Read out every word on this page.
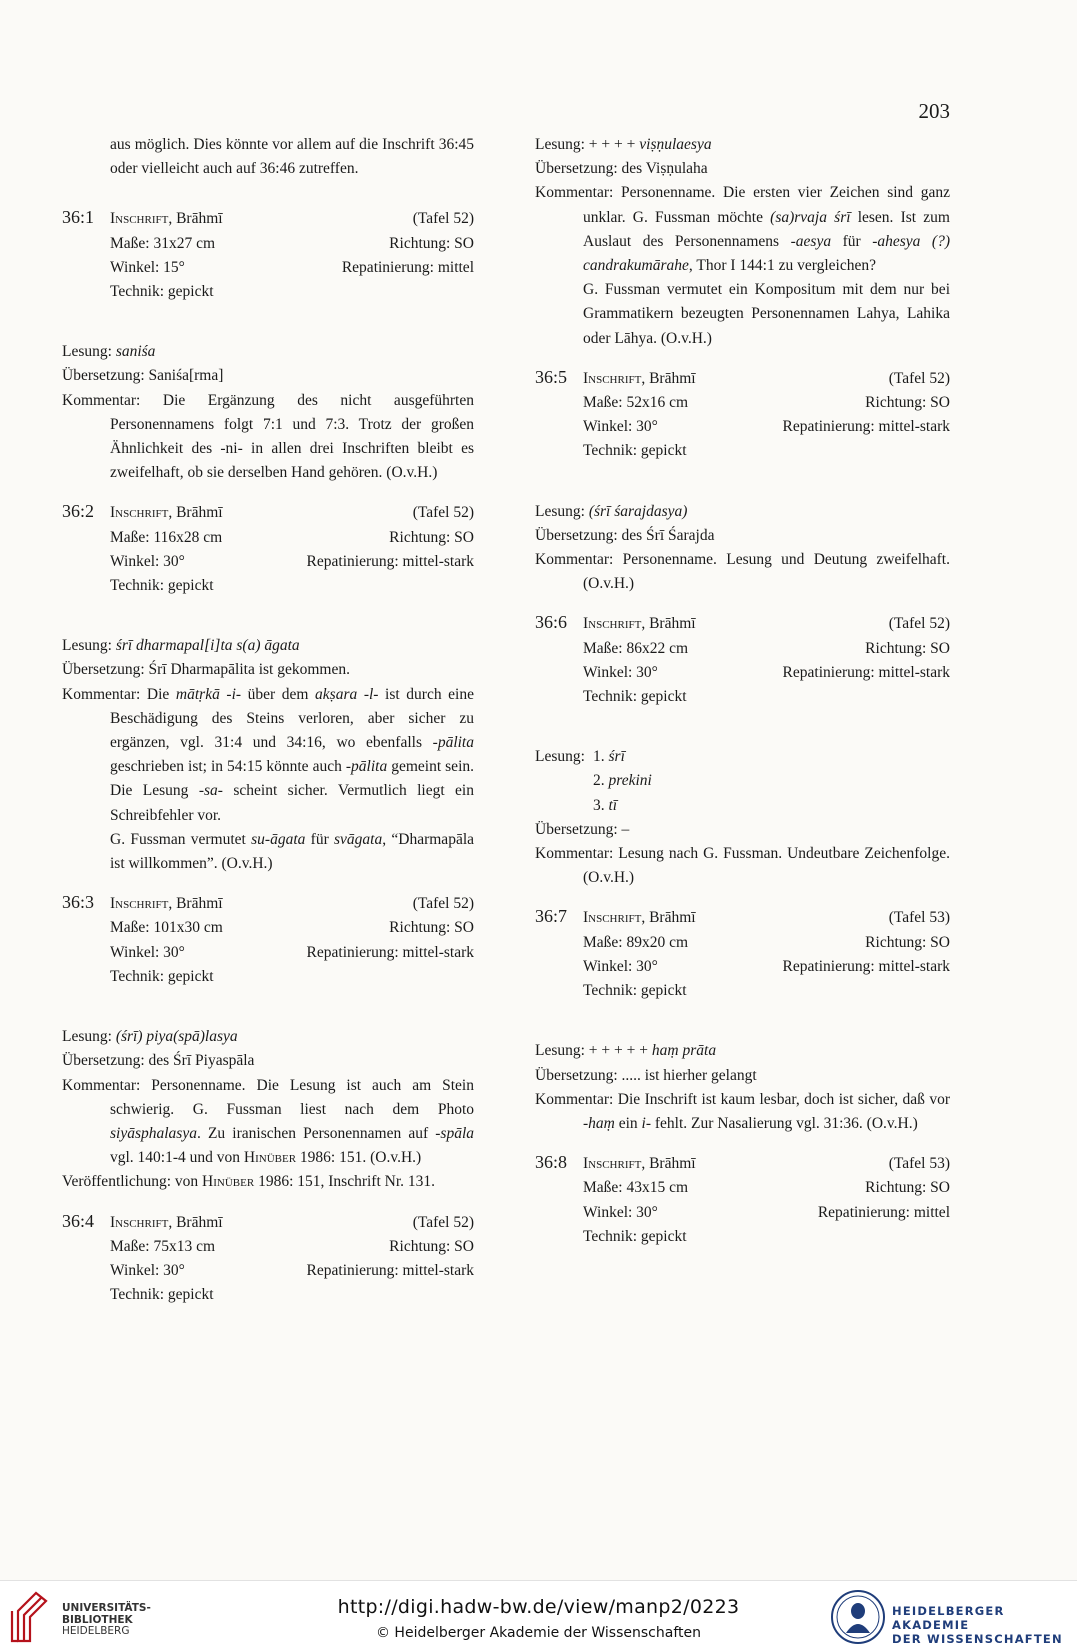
203

aus möglich. Dies könnte vor allem auf die Inschrift 36:45 oder vielleicht auch auf 36:46 zutreffen.

36:1	Inschrift , Brāhmī	(Tafel 52)

Maße: 31x27 cm	Richtung: SO

Winkel: 15°	Repatinierung: mittel

Technik: gepickt

Lesung: saniśa

Übersetzung: Saniśa[rma]

Kommentar: Die Ergänzung des nicht ausgeführten Personennamens folgt 7:1 und 7:3. Trotz der großen Ähnlichkeit des -ni- in allen drei Inschriften bleibt es zweifelhaft, ob sie derselben Hand gehören. (O.v.H.)

36:2	Inschrift , Brāhmī	(Tafel 52)

Maße: 116x28 cm	Richtung: SO

Winkel: 30°	Repatinierung: mittel-stark

Technik: gepickt

Lesung: śrī dharmapal[i]ta s(a) āgata

Übersetzung: Śrī Dharmapālita ist gekommen.

Kommentar: Die mātṛkā -i- über dem akṣara -l- ist durch eine Beschädigung des Steins verloren, aber sicher zu ergänzen, vgl. 31:4 und 34:16, wo ebenfalls -pālita geschrieben ist; in 54:15 könnte auch -pālita gemeint sein. Die Lesung -sa- scheint sicher. Vermutlich liegt ein Schreibfehler vor.

G. Fussman vermutet su-āgata für svāgata, “Dharmapāla ist willkommen”. (O.v.H.)

36:3	Inschrift , Brāhmī	(Tafel 52)

Maße: 101x30 cm	Richtung: SO

Winkel: 30°	Repatinierung: mittel-stark

Technik: gepickt

Lesung: (śrī) piya(spā)lasya

Übersetzung: des Śrī Piyaspāla

Kommentar: Personenname. Die Lesung ist auch am Stein schwierig. G. Fussman liest nach dem Photo siyāsphalasya. Zu iranischen Personennamen auf -spāla vgl. 140:1-4 und von Hinüber 1986: 151. (O.v.H.)

Veröffentlichung: von Hinüber 1986: 151, Inschrift Nr. 131.

36:4	Inschrift , Brāhmī	(Tafel 52)

Maße: 75x13 cm	Richtung: SO

Winkel: 30°	Repatinierung: mittel-stark

Technik: gepickt

Lesung: + + + + viṣṇulaesya

Übersetzung: des Viṣṇulaha

Kommentar: Personenname. Die ersten vier Zeichen sind ganz unklar. G. Fussman möchte (sa)rvaja śrī lesen. Ist zum Auslaut des Personennamens -aesya für -ahesya (?) candrakumārahe, Thor I 144:1 zu vergleichen?

G. Fussman vermutet ein Kompositum mit dem nur bei Grammatikern bezeugten Personennamen Lahya, Lahika oder Lāhya. (O.v.H.)

36:5	Inschrift , Brāhmī	(Tafel 52)

Maße: 52x16 cm	Richtung: SO

Winkel: 30°	Repatinierung: mittel-stark

Technik: gepickt

Lesung: (śrī śarajdasya)

Übersetzung: des Śrī Śarajda

Kommentar: Personenname. Lesung und Deutung zweifelhaft. (O.v.H.)

36:6	Inschrift , Brāhmī	(Tafel 52)

Maße: 86x22 cm	Richtung: SO

Winkel: 30°	Repatinierung: mittel-stark

Technik: gepickt

Lesung: 1. śrī
2. prekini
3. tī

Übersetzung: –

Kommentar: Lesung nach G. Fussman. Undeutbare Zeichenfolge. (O.v.H.)

36:7	Inschrift , Brāhmī	(Tafel 53)

Maße: 89x20 cm	Richtung: SO

Winkel: 30°	Repatinierung: mittel-stark

Technik: gepickt

Lesung: + + + + + haṃ prāta

Übersetzung: ..... ist hierher gelangt

Kommentar: Die Inschrift ist kaum lesbar, doch ist sicher, daß vor -haṃ ein i- fehlt. Zur Nasalierung vgl. 31:36. (O.v.H.)

36:8	Inschrift , Brāhmī	(Tafel 53)

Maße: 43x15 cm	Richtung: SO

Winkel: 30°	Repatinierung: mittel

Technik: gepickt

UNIVERSITÄTS-
BIBLIOTHEK
HEIDELBERG
http://digi.hadw-bw.de/view/manp2/0223
© Heidelberger Akademie der Wissenschaften
HEIDELBERGER AKADEMIE
DER WISSENSCHAFTEN
